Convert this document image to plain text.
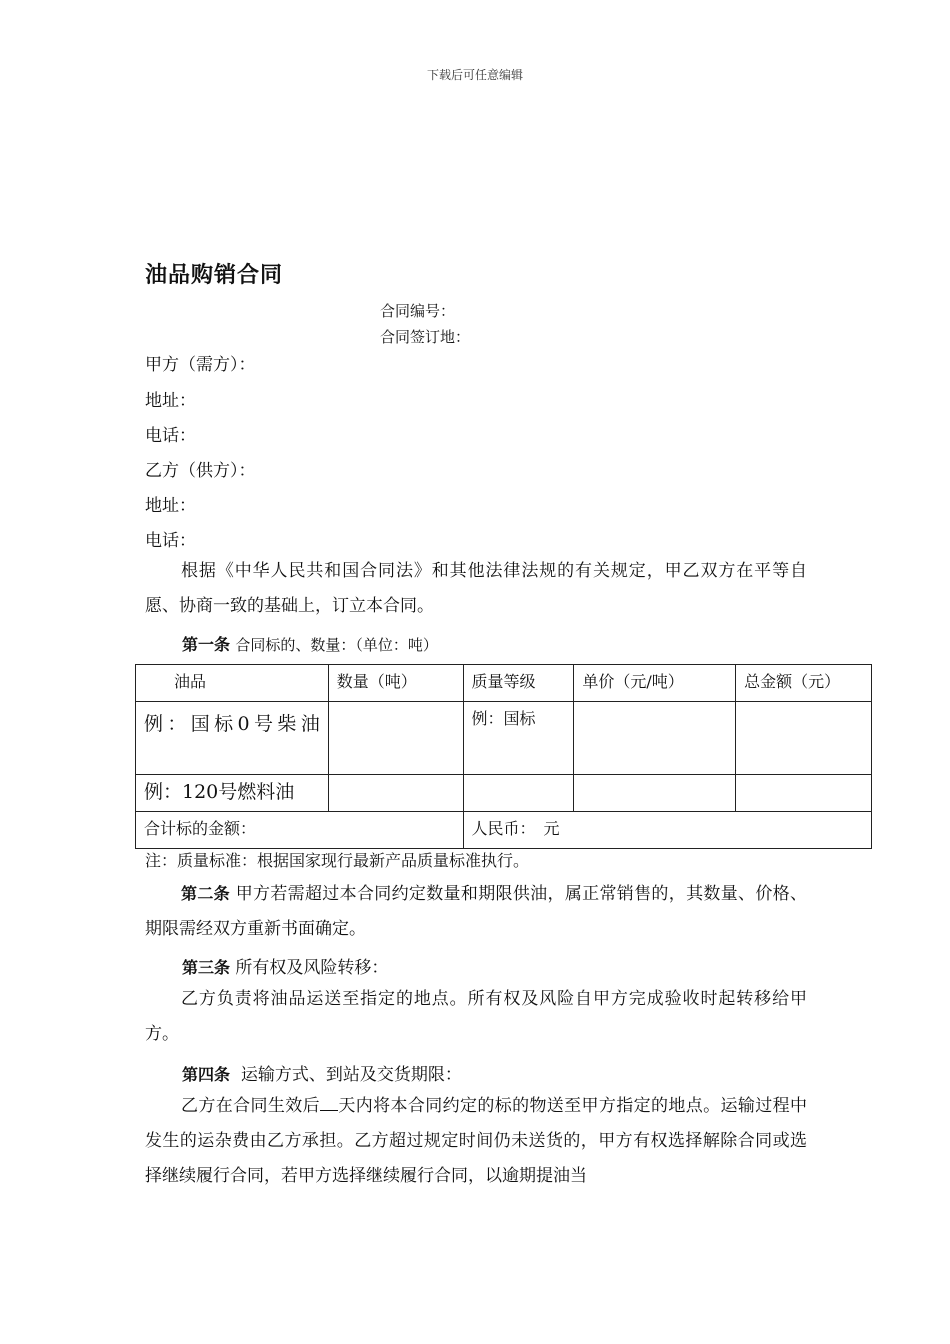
下载后可任意编辑
油品购销合同
合同编号：
合同签订地：
甲方（需方）：
地址：
电话：
乙方（供方）：
地址：
电话：
根据《中华人民共和国合同法》和其他法律法规的有关规定，甲乙双方在平等自愿、协商一致的基础上，订立本合同。
第一条 合同标的、数量：（单位：吨）
油品	数量（吨）	质量等级	单价（元/吨）	总金额（元）
例：国标0号柴油		例：国标		
例：120号燃料油				
合计标的金额：		人民币：　元		
注：质量标准：根据国家现行最新产品质量标准执行。
第二条 甲方若需超过本合同约定数量和期限供油，属正常销售的，其数量、价格、期限需经双方重新书面确定。
第三条 所有权及风险转移：
乙方负责将油品运送至指定的地点。所有权及风险自甲方完成验收时起转移给甲方。
第四条 运输方式、到站及交货期限：
乙方在合同生效后 天内将本合同约定的标的物送至甲方指定的地点。运输过程中发生的运杂费由乙方承担。乙方超过规定时间仍未送货的，甲方有权选择解除合同或选择继续履行合同，若甲方选择继续履行合同，以逾期提油当
